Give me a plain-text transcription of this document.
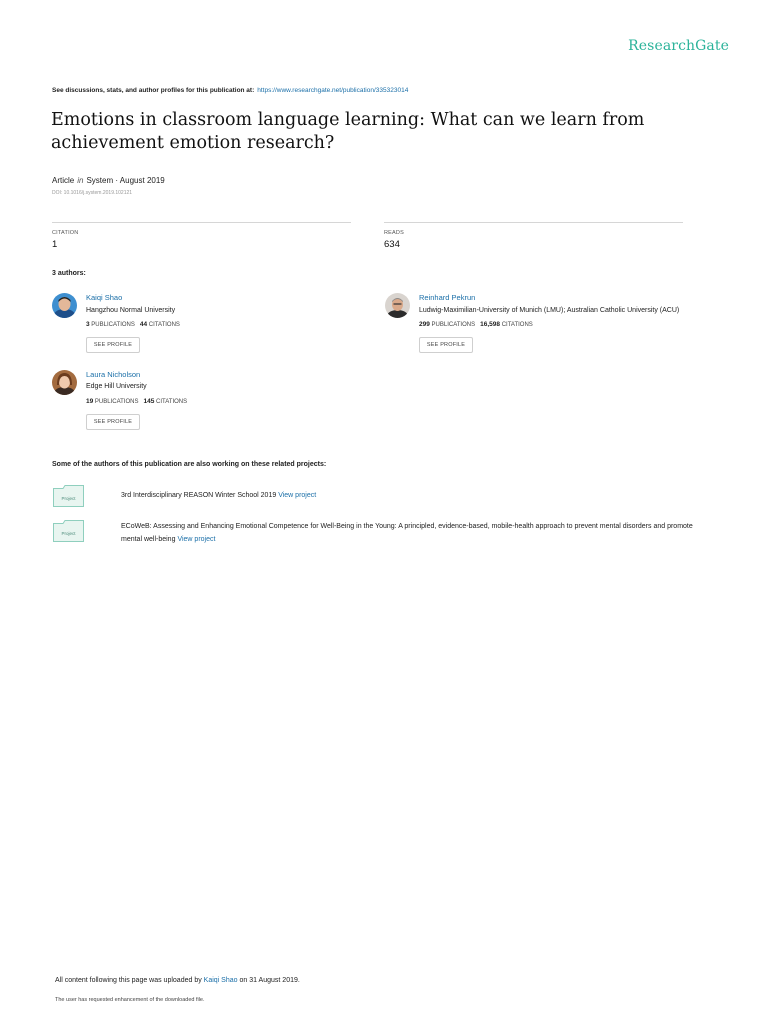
ResearchGate
See discussions, stats, and author profiles for this publication at: https://www.researchgate.net/publication/335323014
Emotions in classroom language learning: What can we learn from achievement emotion research?
Article in System · August 2019
DOI: 10.1016/j.system.2019.102121
CITATION
1
READS
634
3 authors:
Kaiqi Shao
Hangzhou Normal University
3 PUBLICATIONS 44 CITATIONS
SEE PROFILE
Reinhard Pekrun
Ludwig-Maximilian-University of Munich (LMU); Australian Catholic University (ACU)
299 PUBLICATIONS 16,598 CITATIONS
SEE PROFILE
Laura Nicholson
Edge Hill University
19 PUBLICATIONS 145 CITATIONS
SEE PROFILE
Some of the authors of this publication are also working on these related projects:
Project	3rd Interdisciplinary REASON Winter School 2019 View project
Project
ECoWeB: Assessing and Enhancing Emotional Competence for Well-Being in the Young: A principled, evidence-based, mobile-health approach to prevent mental disorders and promote mental well-being View project
All content following this page was uploaded by Kaiqi Shao on 31 August 2019.
The user has requested enhancement of the downloaded file.
